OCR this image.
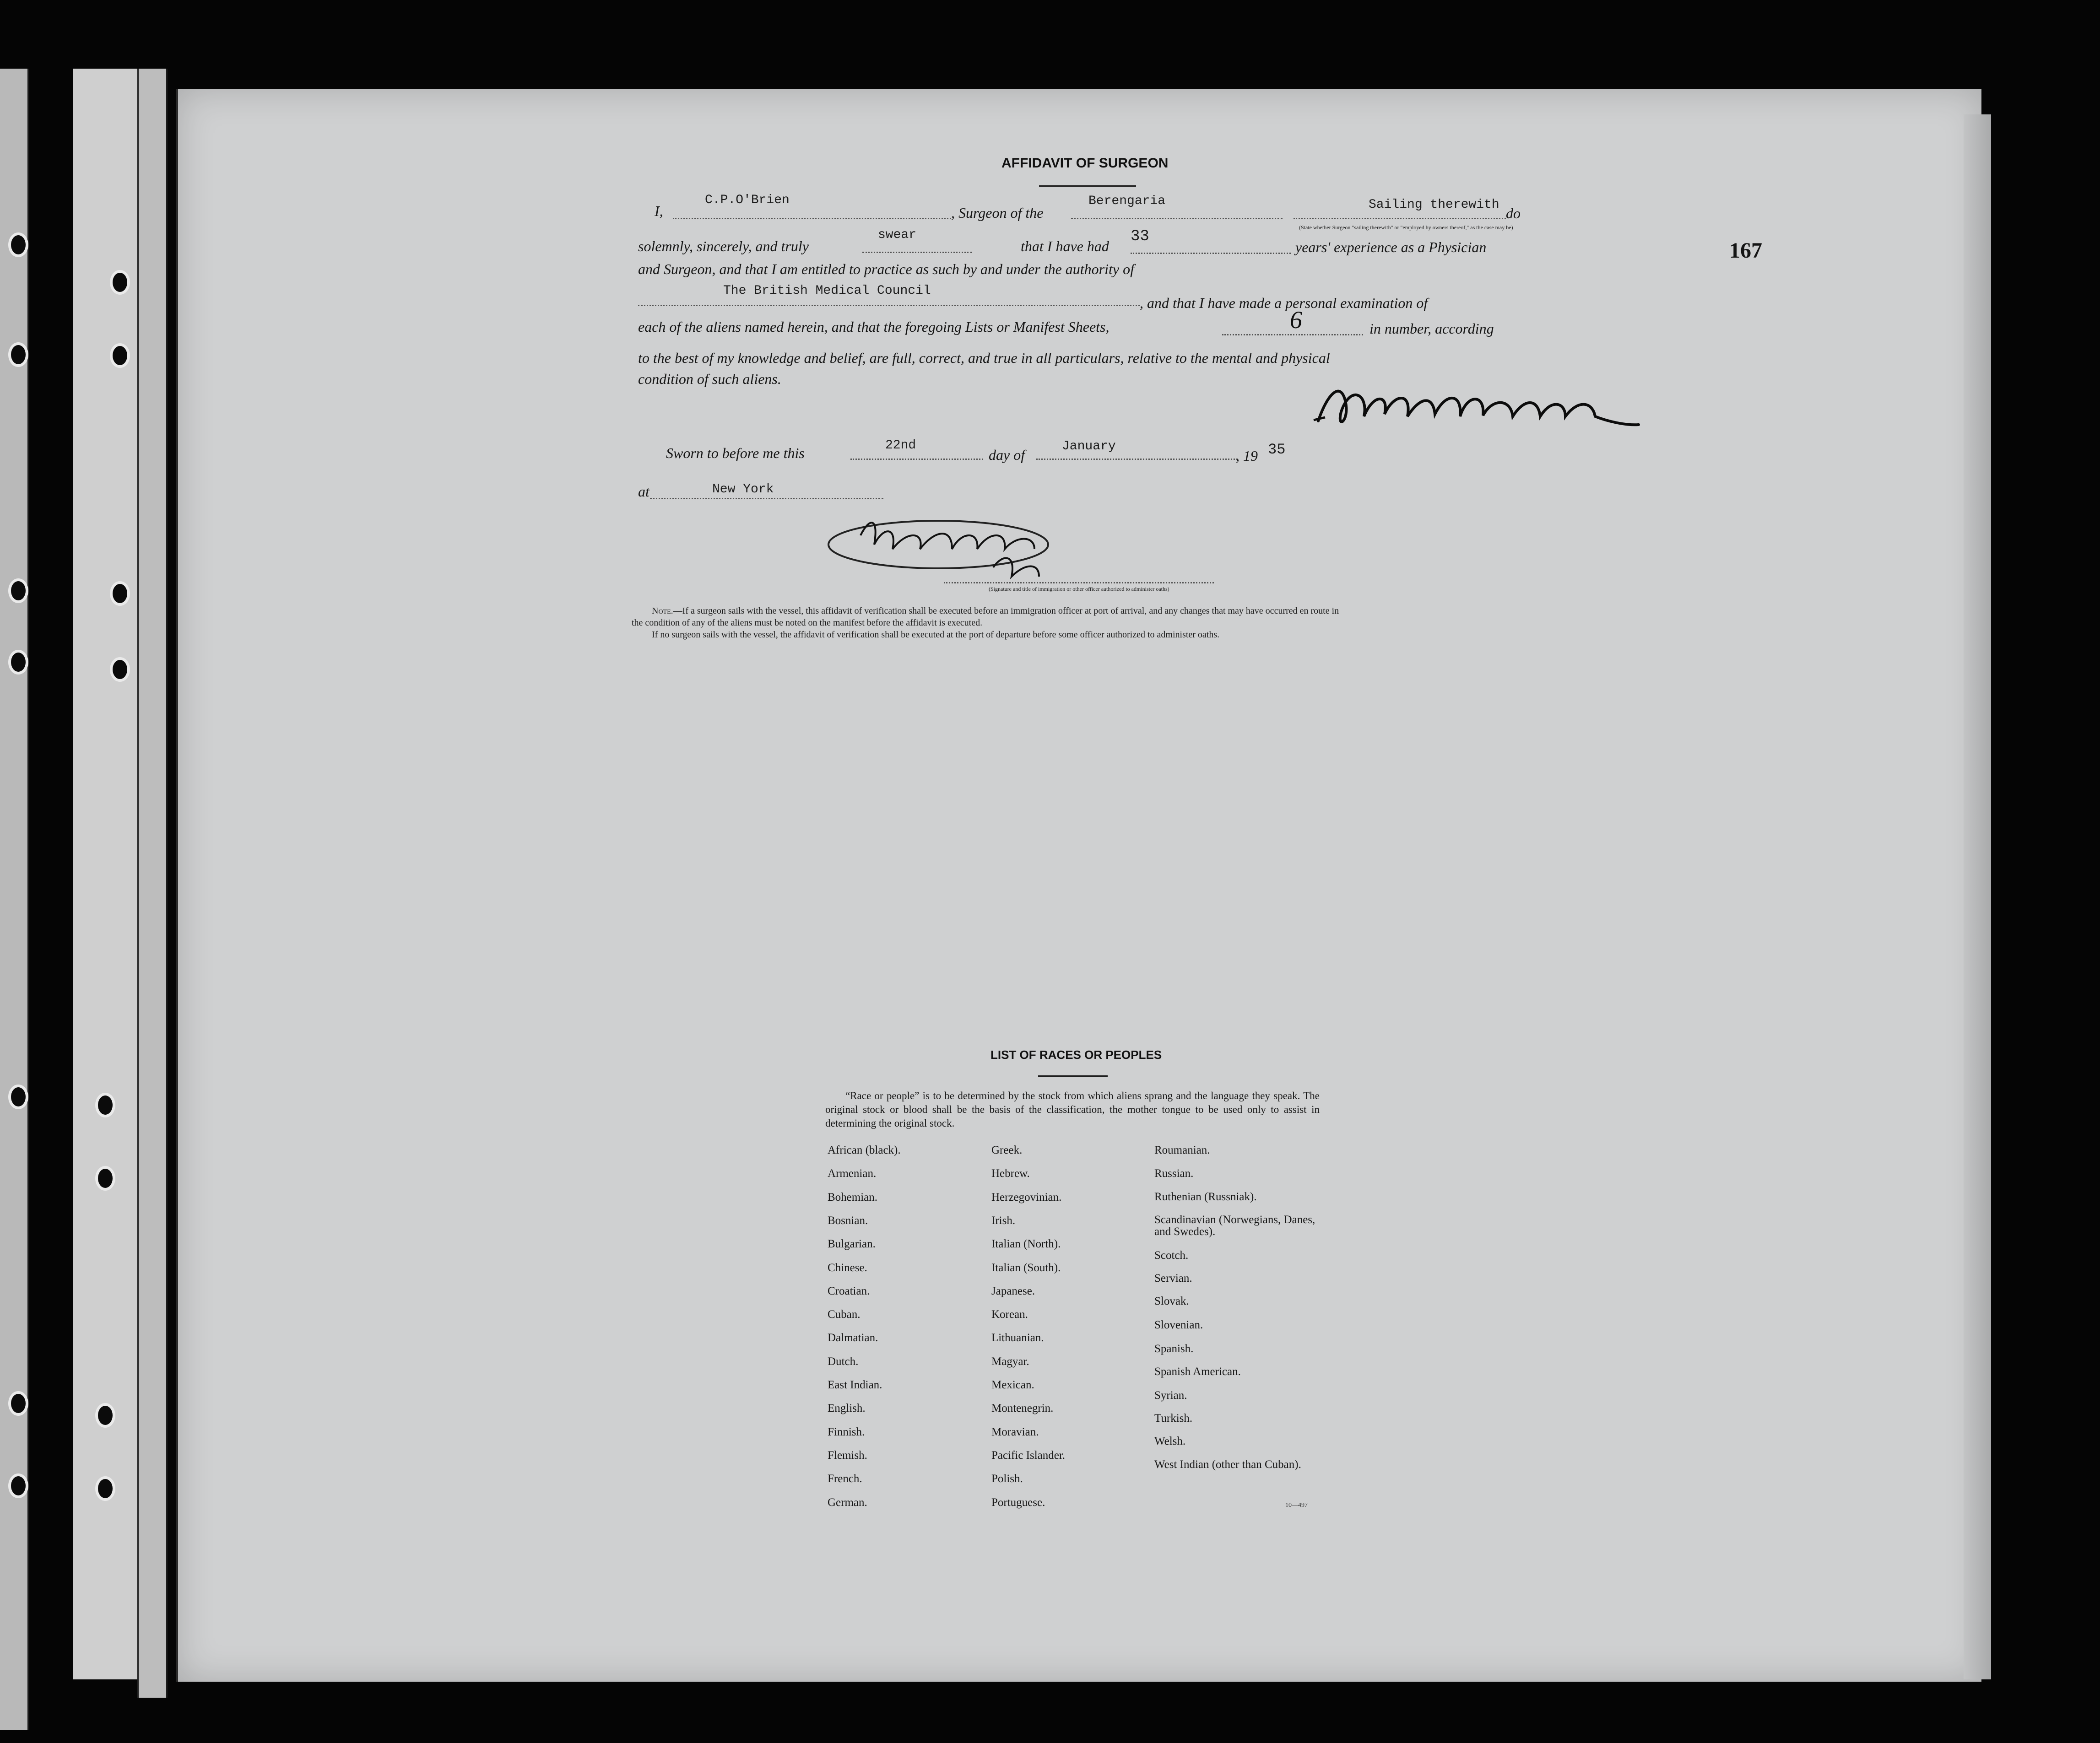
167
AFFIDAVIT OF SURGEON
I,
C.P.O'Brien
, Surgeon of the
Berengaria	Sailing therewith
(State whether Surgeon "sailing therewith" or "employed by owners thereof," as the case may be)
do
solemnly, sincerely, and truly
swear
that I have had
33
years' experience as a Physician
and Surgeon, and that I am entitled to practice as such by and under the authority of
The British Medical Council
, and that I have made a personal examination of
each of the aliens named herein, and that the foregoing Lists or Manifest Sheets,	6	in number, according
to the best of my knowledge and belief, are full, correct, and true in all particulars, relative to the mental and physical
condition of such aliens.
Sworn to before me this	22nd
day of
January
, 19 35
at	New York
(Signature and title of immigration or other officer authorized to administer oaths)
Note.—If a surgeon sails with the vessel, this affidavit of verification shall be executed before an immigration officer at port of arrival, and any changes that may have occurred en route in
the condition of any of the aliens must be noted on the manifest before the affidavit is executed.
If no surgeon sails with the vessel, the affidavit of verification shall be executed at the port of departure before some officer authorized to administer oaths.
LIST OF RACES OR PEOPLES
“Race or people” is to be determined by the stock from which aliens sprang and the language they speak. The original stock or blood shall be the basis of the classification, the mother tongue to be used only to assist in determining the original stock.
African (black).
Armenian.
Bohemian.
Bosnian.
Bulgarian.
Chinese.
Croatian.
Cuban.
Dalmatian.
Dutch.
East Indian.
English.
Finnish.
Flemish.
French.
German.
Greek.
Hebrew.
Herzegovinian.
Irish.
Italian (North).
Italian (South).
Japanese.
Korean.
Lithuanian.
Magyar.
Mexican.
Montenegrin.
Moravian.
Pacific Islander.
Polish.
Portuguese.
Roumanian.
Russian.
Ruthenian (Russniak).
Scandinavian (Norwegians, Danes, and Swedes).
Scotch.
Servian.
Slovak.
Slovenian.
Spanish.
Spanish American.
Syrian.
Turkish.
Welsh.
West Indian (other than Cuban).
10—497
